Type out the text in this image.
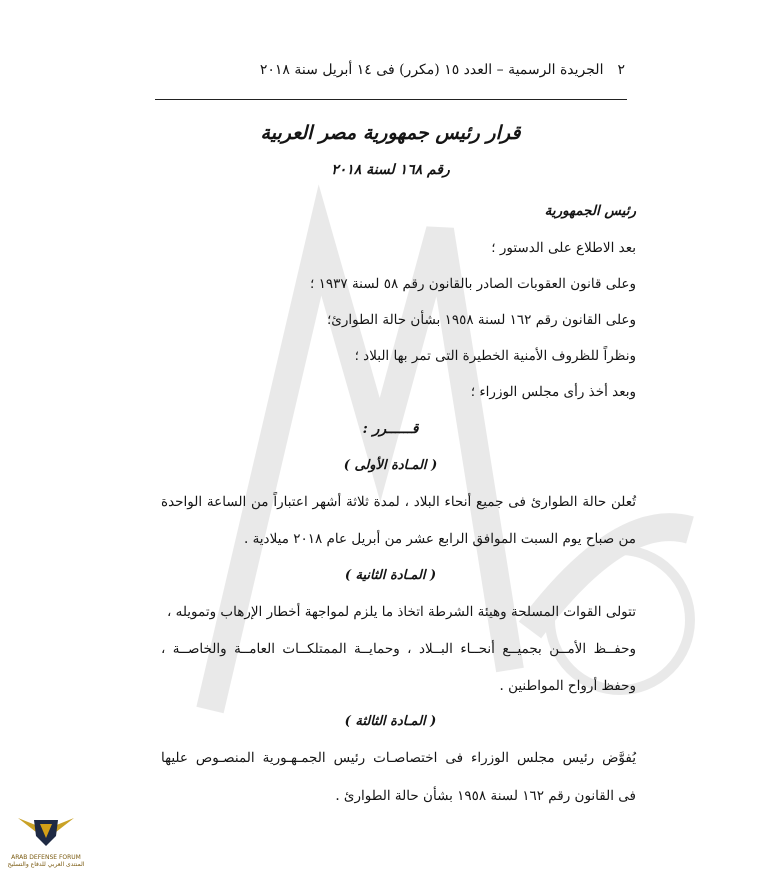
٢
الجريدة الرسمية – العدد ١٥ (مكرر) فى ١٤ أبريل سنة ٢٠١٨
قرار رئيس جمهورية مصر العربية
رقم ١٦٨ لسنة ٢٠١٨
رئيس الجمهورية
بعد الاطلاع على الدستور ؛
وعلى قانون العقوبات الصادر بالقانون رقم ٥٨ لسنة ١٩٣٧ ؛
وعلى القانون رقم ١٦٢ لسنة ١٩٥٨ بشأن حالة الطوارئ؛
ونظراً للظروف الأمنية الخطيرة التى تمر بها البلاد ؛
وبعد أخذ رأى مجلس الوزراء ؛
قــــــرر :
( المـادة الأولى )
تُعلن حالة الطوارئ فى جميع أنحاء البلاد ، لمدة ثلاثة أشهر اعتباراً من الساعة الواحدة
من صباح يوم السبت الموافق الرابع عشر من أبريل عام ٢٠١٨ ميلادية .
( المـادة الثانية )
تتولى القوات المسلحة وهيئة الشرطة اتخاذ ما يلزم لمواجهة أخطار الإرهاب وتمويله ،
وحفــظ الأمــن بجميــع أنحــاء البــلاد ، وحمايــة الممتلكــات العامــة والخاصــة ،
وحفظ أرواح المواطنين .
( المـادة الثالثة )
يُفوَّض رئيس مجلس الوزراء فى اختصاصـات رئيس الجمـهـورية المنصـوص عليها
فى القانون رقم ١٦٢ لسنة ١٩٥٨ بشأن حالة الطوارئ .
ARAB DEFENSE FORUM
المنتدى العربي للدفاع والتسليح
